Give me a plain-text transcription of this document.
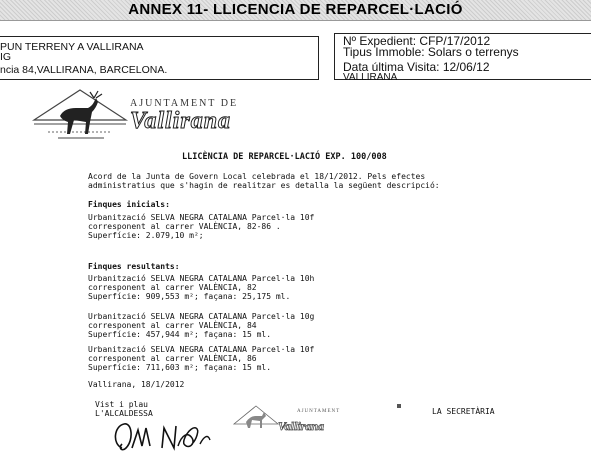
ANNEX 11- LLICENCIA DE REPARCEL·LACIÓ
PUN TERRENY A VALLIRANA
IG
ncia 84,VALLIRANA, BARCELONA.
Nº Expedient: CFP/17/2012
Tipus Immoble: Solars o terrenys
Data última Visita: 12/06/12
VALLIRANA
AJUNTAMENT DE
Vallirana
LLICÈNCIA DE REPARCEL·LACIÓ EXP. 100/008
Acord de la Junta de Govern Local celebrada el 18/1/2012. Pels efectes
administratius que s'hagin de realitzar es detalla la següent descripció:
Finques inicials:
Urbanització SELVA NEGRA CATALANA Parcel·la 10f
corresponent al carrer VALÈNCIA, 82-86 .
Superfície: 2.079,10 m²;
Finques resultants:
Urbanització SELVA NEGRA CATALANA Parcel·la 10h
corresponent al carrer VALÈNCIA, 82
Superfície: 909,553 m²; façana: 25,175 ml.
Urbanització SELVA NEGRA CATALANA Parcel·la 10g
corresponent al carrer VALÈNCIA, 84
Superfície: 457,944 m²; façana: 15 ml.
Urbanització SELVA NEGRA CATALANA Parcel·la 10f
corresponent al carrer VALÈNCIA, 86
Superfície: 711,603 m²; façana: 15 ml.
Vallirana, 18/1/2012
Vist i plau
L'ALCALDESSA	LA SECRETÀRIA
AJUNTAMENT
Vallirana
